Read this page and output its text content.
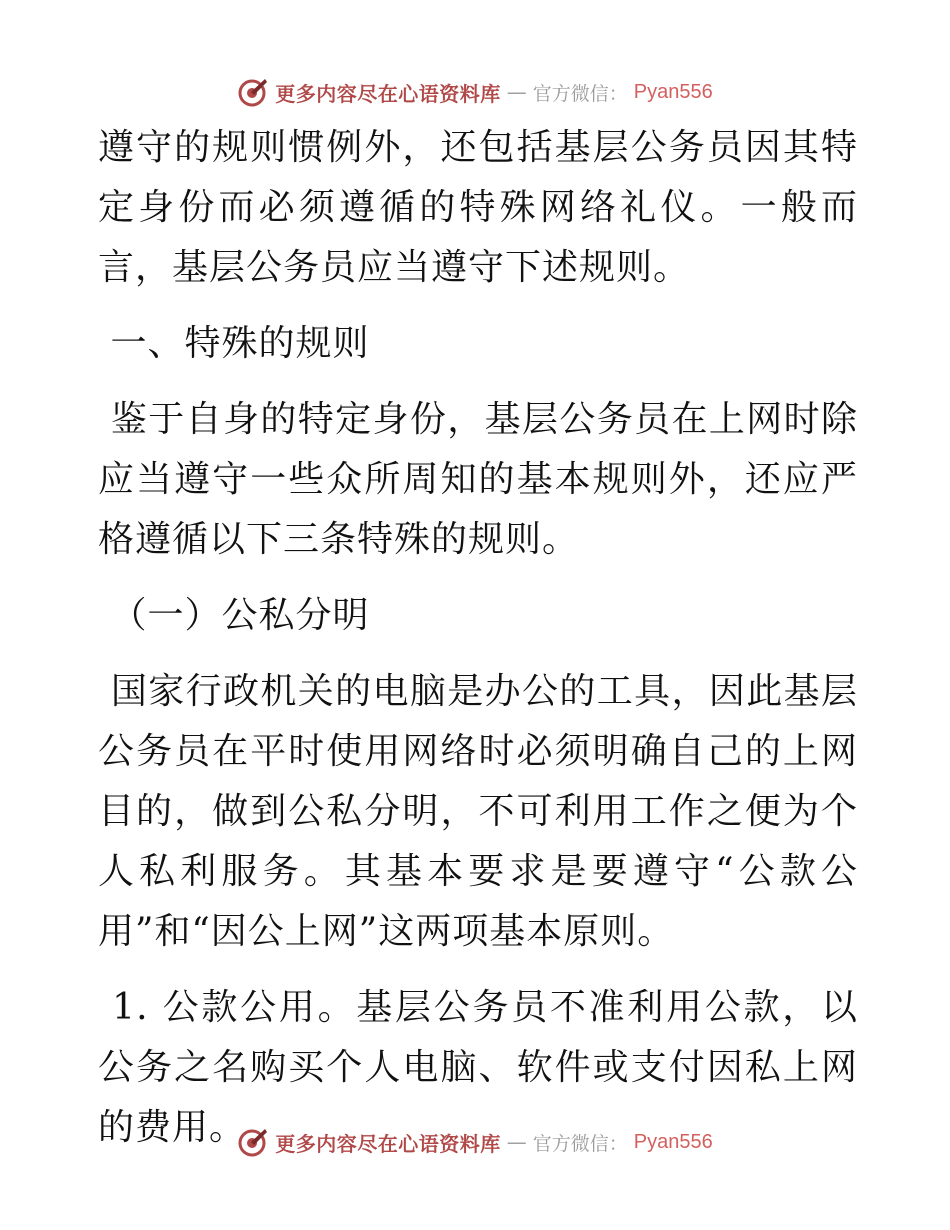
更多内容尽在心语资料库 — 官方微信： Pyan556

遵守的规则惯例外，还包括基层公务员因其特定身份而必须遵循的特殊网络礼仪。一般而言，基层公务员应当遵守下述规则。

一、特殊的规则

鉴于自身的特定身份，基层公务员在上网时除应当遵守一些众所周知的基本规则外，还应严格遵循以下三条特殊的规则。

（一）公私分明

国家行政机关的电脑是办公的工具，因此基层公务员在平时使用网络时必须明确自己的上网目的，做到公私分明，不可利用工作之便为个人私利服务。其基本要求是要遵守“公款公用”和“因公上网”这两项基本原则。

1. 公款公用。基层公务员不准利用公款，以公务之名购买个人电脑、软件或支付因私上网的费用。	更多内容尽在心语资料库 — 官方微信： Pyan556
